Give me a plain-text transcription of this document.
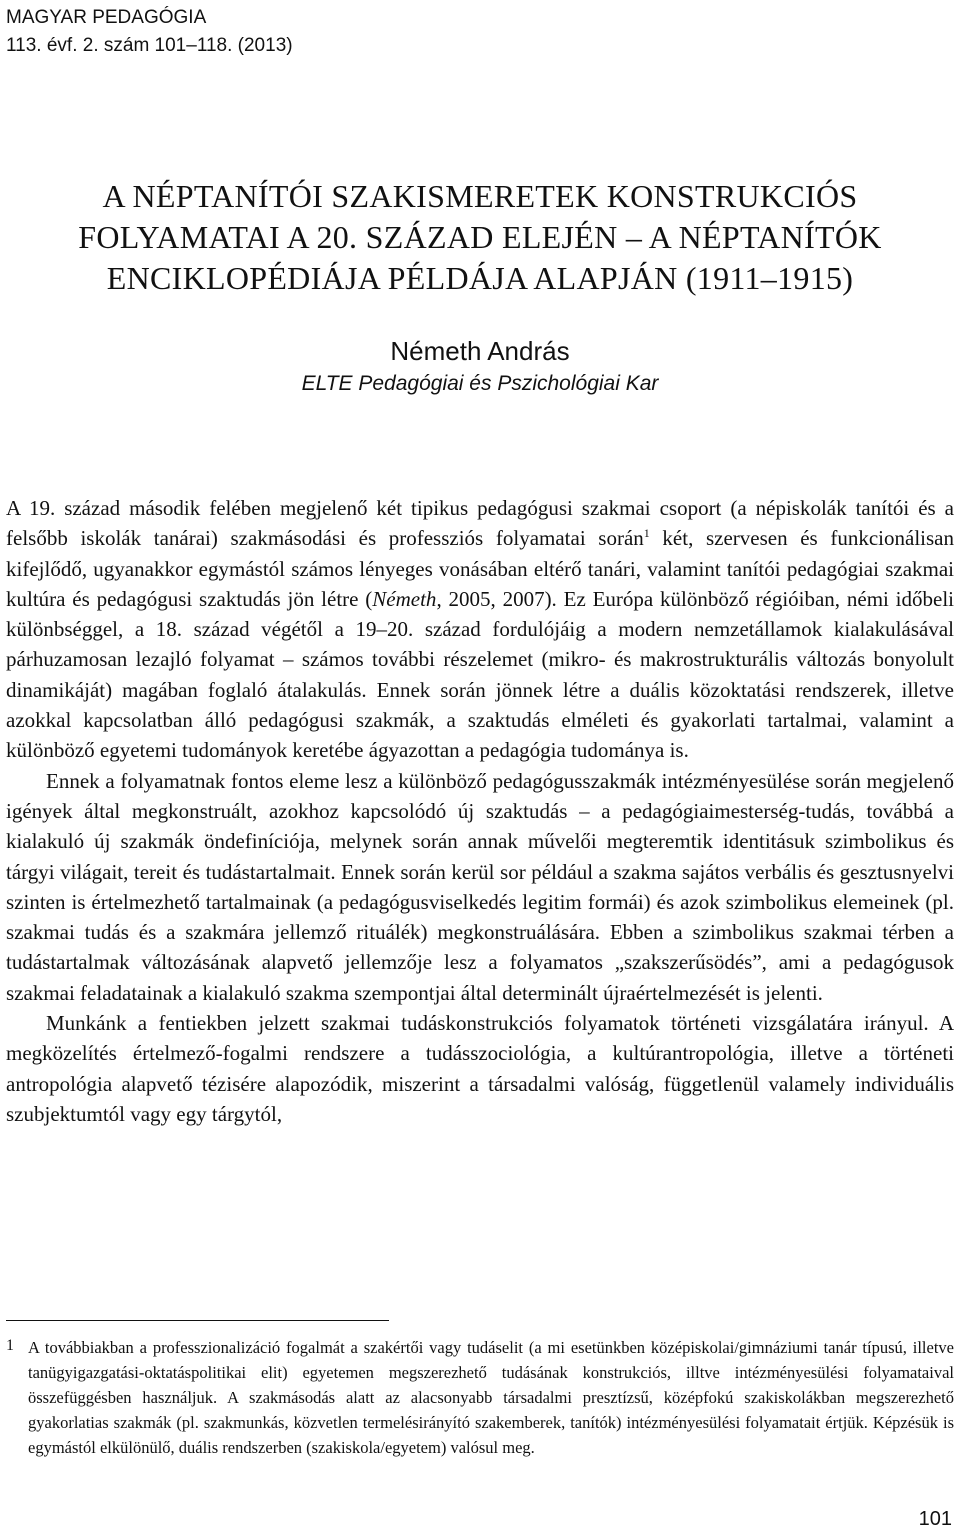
MAGYAR PEDAGÓGIA
113. évf. 2. szám 101–118. (2013)
A NÉPTANÍTÓI SZAKISMERETEK KONSTRUKCIÓS
FOLYAMATAI A 20. SZÁZAD ELEJÉN – A NÉPTANÍTÓK
ENCIKLOPÉDIÁJA PÉLDÁJA ALAPJÁN (1911–1915)
Németh András
ELTE Pedagógiai és Pszichológiai Kar

A 19. század második felében megjelenő két tipikus pedagógusi szakmai csoport (a népiskolák tanítói és a felsőbb iskolák tanárai) szakmásodási és professziós folyamatai során$^1$ két, szervesen és funkcionálisan kifejlődő, ugyanakkor egymástól számos lényeges vonásában eltérő tanári, valamint tanítói pedagógiai szakmai kultúra és pedagógusi szaktudás jön létre (Németh, 2005, 2007). Ez Európa különböző régióiban, némi időbeli különbséggel, a 18. század végétől a 19–20. század fordulójáig a modern nemzetállamok kialakulásával párhuzamosan lezajló folyamat – számos további részelemet (mikro- és makrostrukturális változás bonyolult dinamikáját) magában foglaló átalakulás. Ennek során jönnek létre a duális közoktatási rendszerek, illetve azokkal kapcsolatban álló pedagógusi szakmák, a szaktudás elméleti és gyakorlati tartalmai, valamint a különböző egyetemi tudományok keretébe ágyazottan a pedagógia tudománya is.

Ennek a folyamatnak fontos eleme lesz a különböző pedagógusszakmák intézményesülése során megjelenő igények által megkonstruált, azokhoz kapcsolódó új szaktudás – a pedagógiaimesterség-tudás, továbbá a kialakuló új szakmák öndefiníciója, melynek során annak művelői megteremtik identitásuk szimbolikus és tárgyi világait, tereit és tudástartalmait. Ennek során kerül sor például a szakma sajátos verbális és gesztusnyelvi szinten is értelmezhető tartalmainak (a pedagógusviselkedés legitim formái) és azok szimbolikus elemeinek (pl. szakmai tudás és a szakmára jellemző rituálék) megkonstruálására. Ebben a szimbolikus szakmai térben a tudástartalmak változásának alapvető jellemzője lesz a folyamatos „szakszerűsödés”, ami a pedagógusok szakmai feladatainak a kialakuló szakma szempontjai által determinált újraértelmezését is jelenti.

Munkánk a fentiekben jelzett szakmai tudáskonstrukciós folyamatok történeti vizsgálatára irányul. A megközelítés értelmező-fogalmi rendszere a tudásszociológia, a kultúrantropológia, illetve a történeti antropológia alapvető tézisére alapozódik, miszerint a társadalmi valóság, függetlenül valamely individuális szubjektumtól vagy egy tárgytól,

1 A továbbiakban a professzionalizáció fogalmát a szakértői vagy tudáselit (a mi esetünkben középiskolai/gimnáziumi tanár típusú, illetve tanügyigazgatási-oktatáspolitikai elit) egyetemen megszerezhető tudásának konstrukciós, illtve intézményesülési folyamataival összefüggésben használjuk. A szakmásodás alatt az alacsonyabb társadalmi presztízsű, középfokú szakiskolákban megszerezhető gyakorlatias szakmák (pl. szakmunkás, közvetlen termelésirányító szakemberek, tanítók) intézményesülési folyamatait értjük. Képzésük is egymástól elkülönülő, duális rendszerben (szakiskola/egyetem) valósul meg.
101
